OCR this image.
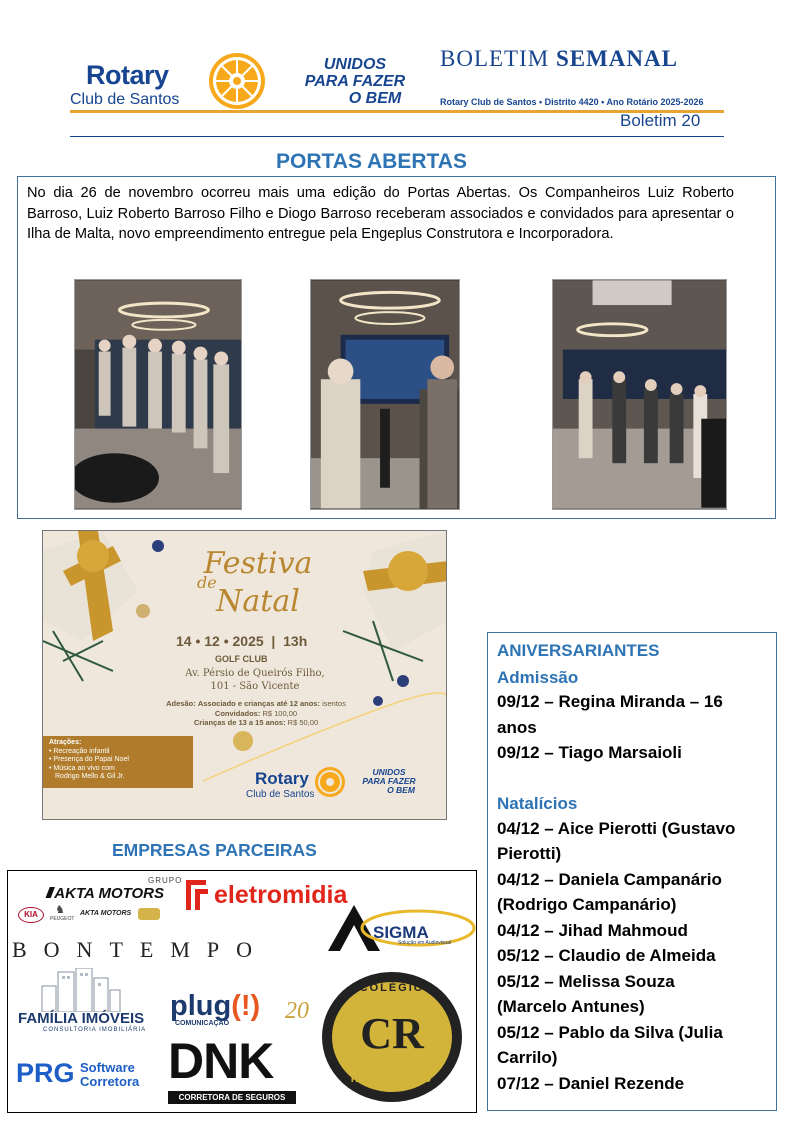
Rotary
Club de Santos
UNIDOS
PARA FAZER
O BEM
BOLETIM SEMANAL
Rotary Club de Santos • Distrito 4420 • Ano Rotário 2025-2026
Boletim 20
PORTAS ABERTAS
No dia 26 de novembro ocorreu mais uma edição do Portas Abertas. Os Companheiros Luiz Roberto Barroso, Luiz Roberto Barroso Filho e Diogo Barroso receberam associados e convidados para apresentar o Ilha de Malta, novo empreendimento entregue pela Engeplus Construtora e Incorporadora.
Festiva
de
Natal
14 • 12 • 2025  |  13h
GOLF CLUB
Av. Pérsio de Queirós Filho,
101 - São Vicente
Adesão: Associado e crianças até 12 anos: isentos
Convidados: R$ 100,00
Crianças de 13 a 15 anos: R$ 50,00
Atrações:
• Recreação infantil
• Presença do Papai Noel
• Música ao vivo com
Rodrigo Mello & Gil Jr.	Rotary
Club de Santos
UNIDOS
PARA FAZER
O BEM
EMPRESAS PARCEIRAS
GRUPO
//// AKTA MOTORS
KIA	♞
PEUGEOT
AKTA MOTORS
eletromidia
SIGMA
Solução em Audiovisual
BONTEMPO
FAMÍLIA IMÓVEIS
CONSULTORIA IMOBILIÁRIA
plug(!)
COMUNICAÇÃO 20
COLÉGIO
CR
RENOVAÇÃO
PRG Software
Corretora DNK
CORRETORA DE SEGUROS
ANIVERSARIANTES
Admissão
09/12 – Regina Miranda – 16
anos
09/12 – Tiago Marsaioli
Natalícios
04/12 – Aice Pierotti (Gustavo
Pierotti)
04/12 – Daniela Campanário
(Rodrigo Campanário)
04/12 – Jihad Mahmoud
05/12 – Claudio de Almeida
05/12 – Melissa Souza
(Marcelo Antunes)
05/12 – Pablo da Silva (Julia
Carrilo)
07/12 – Daniel Rezende
